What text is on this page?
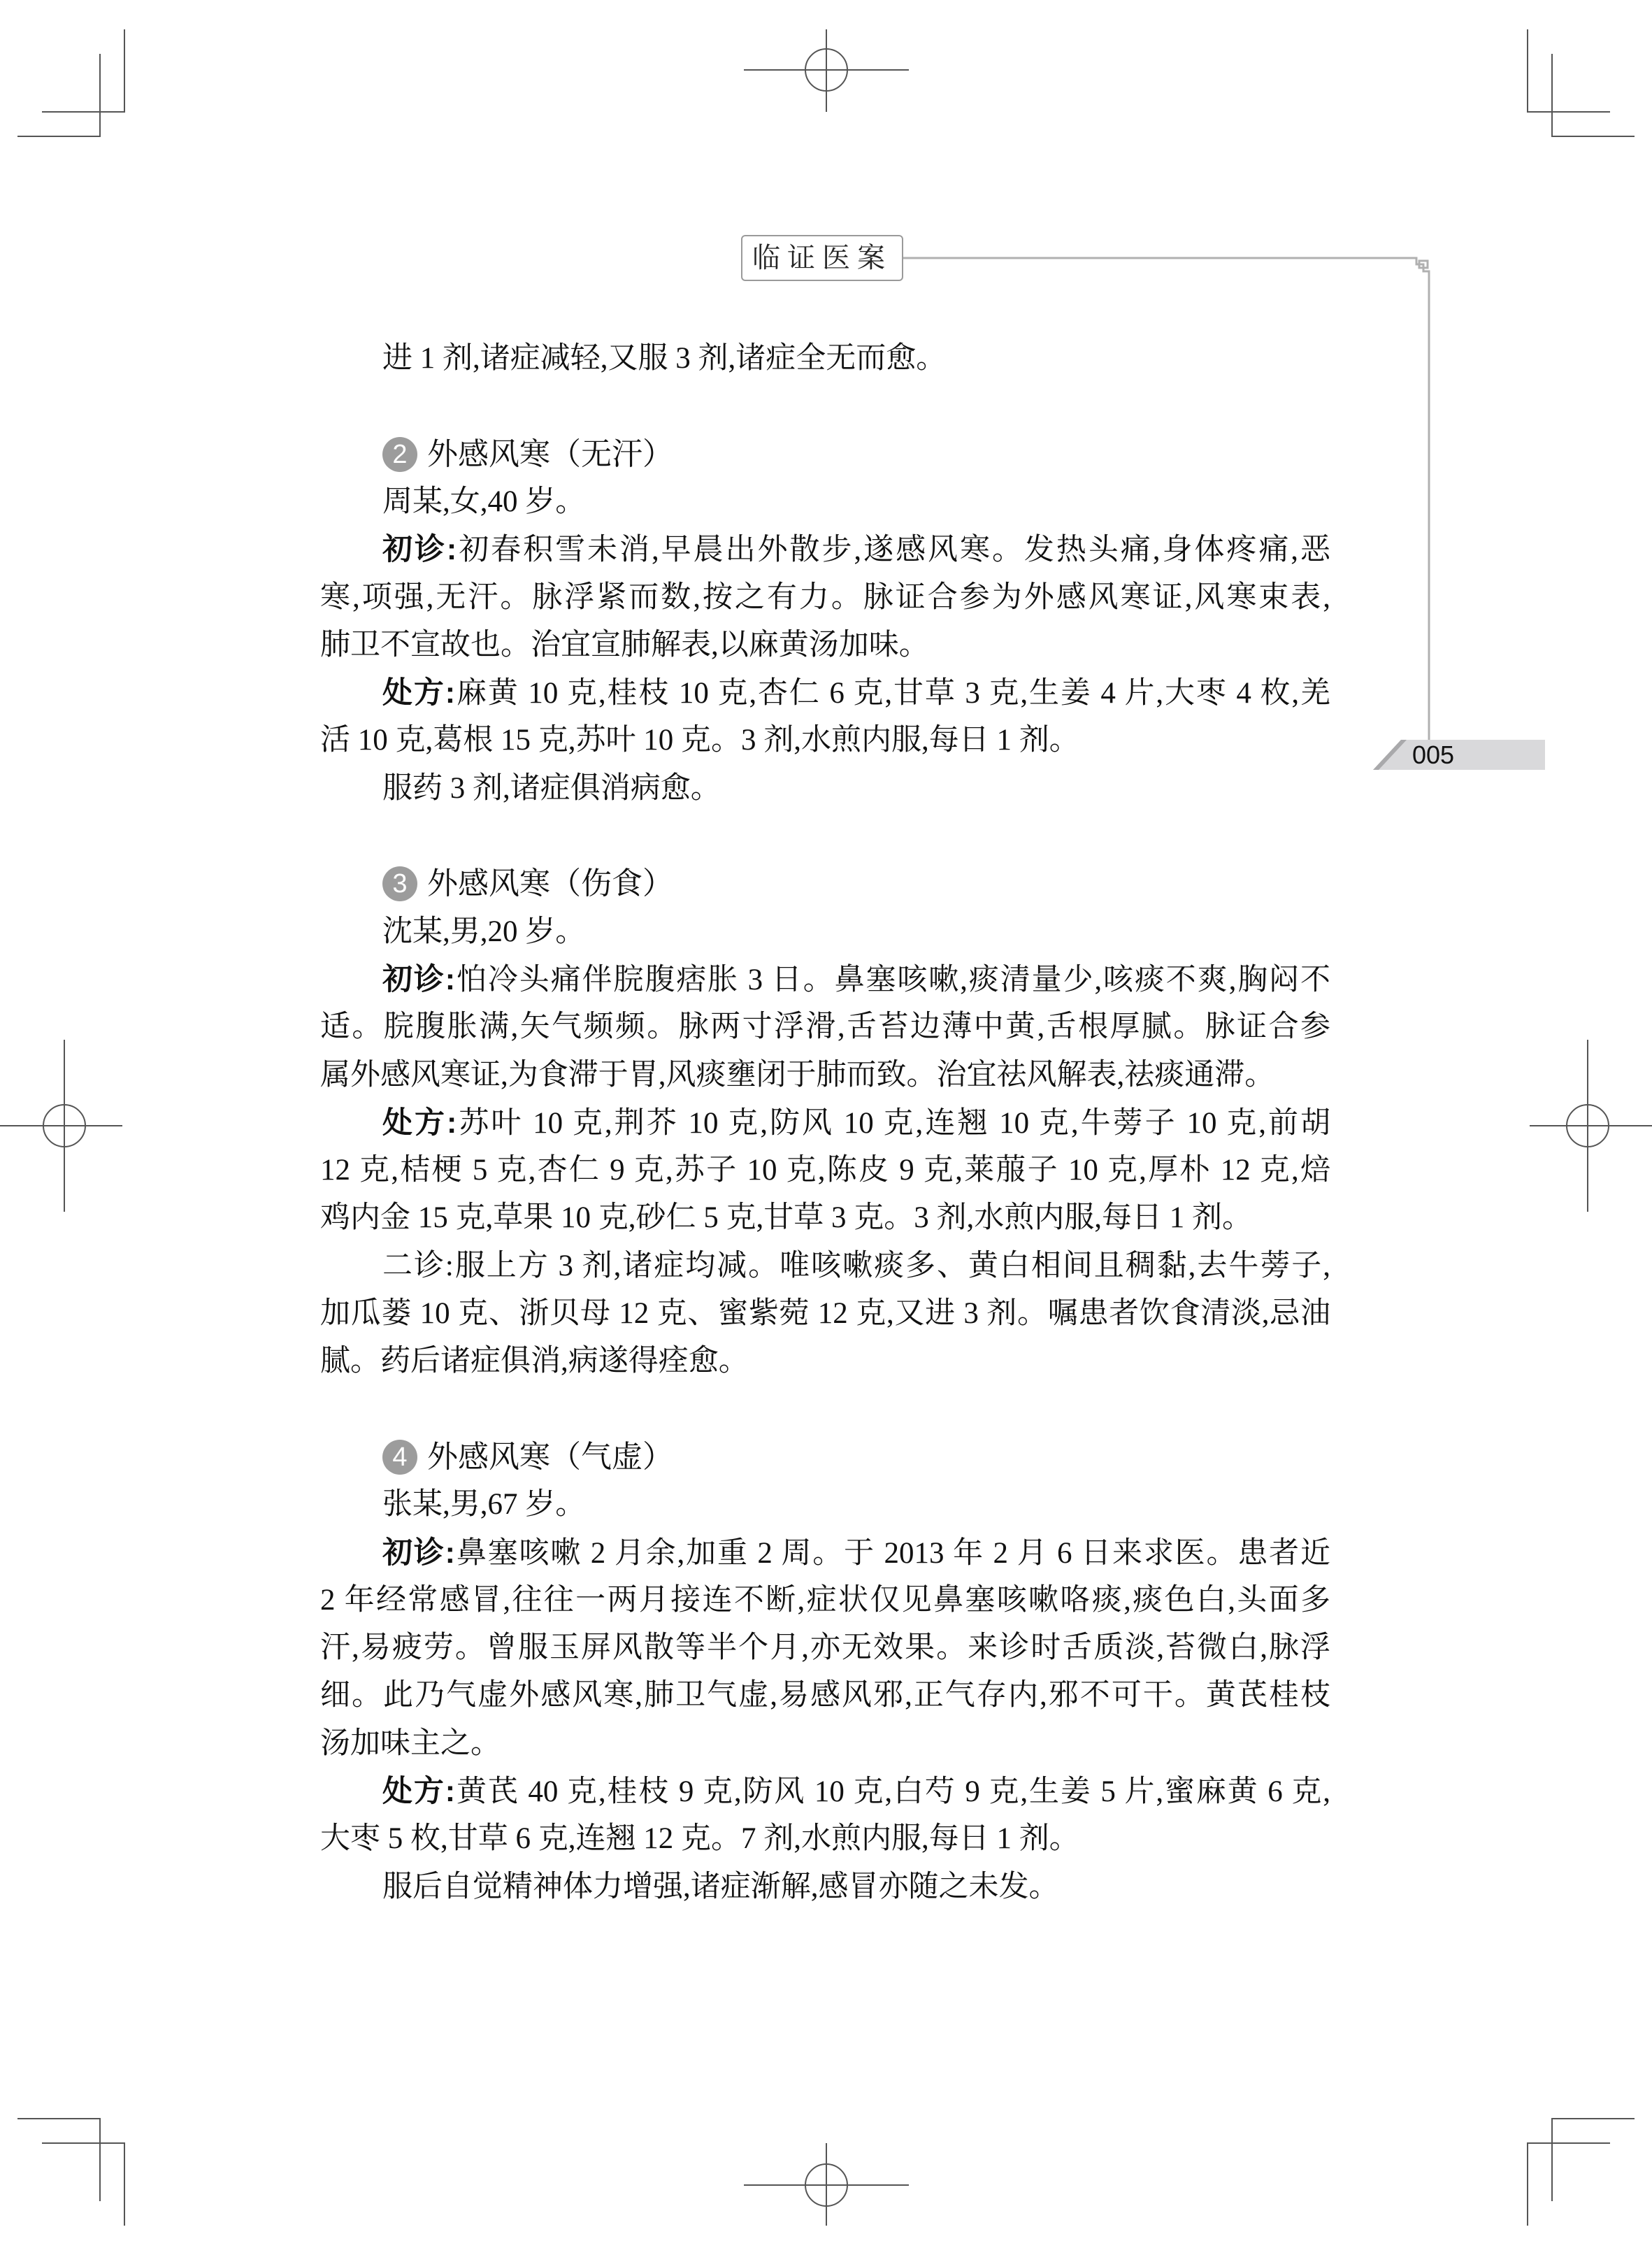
临证医案
005
进 1 剂,诸症减轻,又服 3 剂,诸症全无而愈。
2 外感风寒（无汗）
周某,女,40 岁。
初诊:初春积雪未消,早晨出外散步,遂感风寒。发热头痛,身体疼痛,恶
寒,项强,无汗。脉浮紧而数,按之有力。脉证合参为外感风寒证,风寒束表,
肺卫不宣故也。治宜宣肺解表,以麻黄汤加味。
处方:麻黄 10 克,桂枝 10 克,杏仁 6 克,甘草 3 克,生姜 4 片,大枣 4 枚,羌
活 10 克,葛根 15 克,苏叶 10 克。3 剂,水煎内服,每日 1 剂。
服药 3 剂,诸症俱消病愈。
3 外感风寒（伤食）
沈某,男,20 岁。
初诊:怕冷头痛伴脘腹痞胀 3 日。鼻塞咳嗽,痰清量少,咳痰不爽,胸闷不
适。脘腹胀满,矢气频频。脉两寸浮滑,舌苔边薄中黄,舌根厚腻。脉证合参
属外感风寒证,为食滞于胃,风痰壅闭于肺而致。治宜祛风解表,祛痰通滞。
处方:苏叶 10 克,荆芥 10 克,防风 10 克,连翘 10 克,牛蒡子 10 克,前胡
12 克,桔梗 5 克,杏仁 9 克,苏子 10 克,陈皮 9 克,莱菔子 10 克,厚朴 12 克,焙
鸡内金 15 克,草果 10 克,砂仁 5 克,甘草 3 克。3 剂,水煎内服,每日 1 剂。
二诊:服上方 3 剂,诸症均减。唯咳嗽痰多、黄白相间且稠黏,去牛蒡子,
加瓜蒌 10 克、浙贝母 12 克、蜜紫菀 12 克,又进 3 剂。嘱患者饮食清淡,忌油
腻。药后诸症俱消,病遂得痊愈。
4 外感风寒（气虚）
张某,男,67 岁。
初诊:鼻塞咳嗽 2 月余,加重 2 周。于 2013 年 2 月 6 日来求医。患者近
2 年经常感冒,往往一两月接连不断,症状仅见鼻塞咳嗽咯痰,痰色白,头面多
汗,易疲劳。曾服玉屏风散等半个月,亦无效果。来诊时舌质淡,苔微白,脉浮
细。此乃气虚外感风寒,肺卫气虚,易感风邪,正气存内,邪不可干。黄芪桂枝
汤加味主之。
处方:黄芪 40 克,桂枝 9 克,防风 10 克,白芍 9 克,生姜 5 片,蜜麻黄 6 克,
大枣 5 枚,甘草 6 克,连翘 12 克。7 剂,水煎内服,每日 1 剂。
服后自觉精神体力增强,诸症渐解,感冒亦随之未发。
